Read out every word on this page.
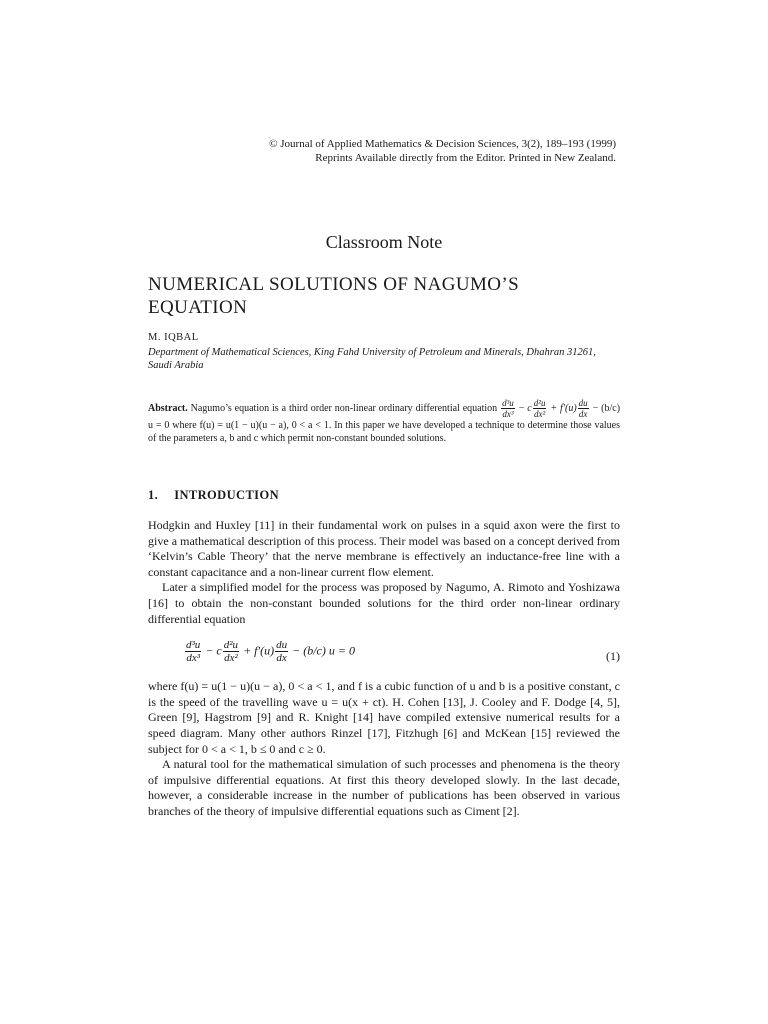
© Journal of Applied Mathematics & Decision Sciences, 3(2), 189–193 (1999)
Reprints Available directly from the Editor. Printed in New Zealand.
Classroom Note
NUMERICAL SOLUTIONS OF NAGUMO’S
EQUATION
M. IQBAL
Department of Mathematical Sciences, King Fahd University of Petroleum and Minerals, Dhahran 31261, Saudi Arabia
Abstract. Nagumo’s equation is a third order non-linear ordinary differential equation $\frac{\text{d³u}}{\text{dx³}} - c \frac{\text{d²u}}{\text{dx²}} + f'(u) \frac{du}{dx} - (b/c) u = 0$ where f(u) = u(1 − u)(u − a), 0 < a < 1. In this paper we have developed a technique to determine those values of the parameters a, b and c which permit non-constant bounded solutions.
1. INTRODUCTION

Hodgkin and Huxley [11] in their fundamental work on pulses in a squid axon were the first to give a mathematical description of this process. Their model was based on a concept derived from ‘Kelvin’s Cable Theory’ that the nerve membrane is effectively an inductance-free line with a constant capacitance and a non-linear current flow element.

Later a simplified model for the process was proposed by Nagumo, A. Rimoto and Yoshizawa [16] to obtain the non-constant bounded solutions for the third order non-linear ordinary differential equation

$\frac{\text{d³u}}{\text{dx³}} - c \frac{\text{d²u}}{\text{dx²}} + f'(u) \frac{du}{dx} - (b/c) u = 0$	(1)

where f(u) = u(1 − u)(u − a), 0 < a < 1, and f is a cubic function of u and b is a positive constant, c is the speed of the travelling wave u = u(x + ct). H. Cohen [13], J. Cooley and F. Dodge [4, 5], Green [9], Hagstrom [9] and R. Knight [14] have compiled extensive numerical results for a speed diagram. Many other authors Rinzel [17], Fitzhugh [6] and McKean [15] reviewed the subject for 0 < a < 1, b ≤ 0 and c ≥ 0.

A natural tool for the mathematical simulation of such processes and phenomena is the theory of impulsive differential equations. At first this theory developed slowly. In the last decade, however, a considerable increase in the number of publications has been observed in various branches of the theory of impulsive differential equations such as Ciment [2].
